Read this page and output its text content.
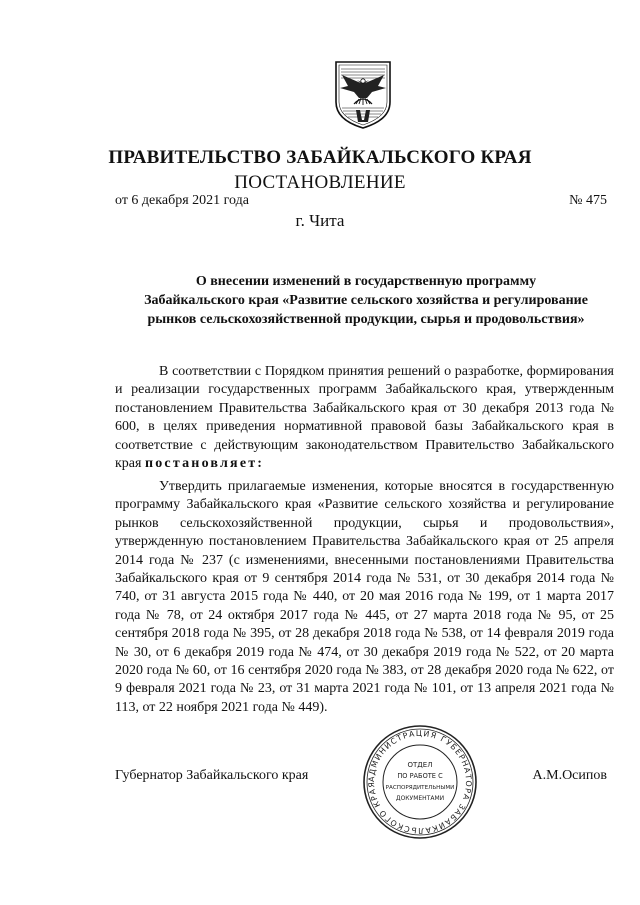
ПРАВИТЕЛЬСТВО ЗАБАЙКАЛЬСКОГО КРАЯ
ПОСТАНОВЛЕНИЕ
от 6 декабря 2021 года	№ 475
г. Чита
О внесении изменений в государственную программу
Забайкальского края «Развитие сельского хозяйства и регулирование
рынков сельскохозяйственной продукции, сырья и продовольствия»
В соответствии с Порядком принятия решений о разработке, формирования и реализации государственных программ Забайкальского края, утвержденным постановлением Правительства Забайкальского края от 30 декабря 2013 года № 600, в целях приведения нормативной правовой базы Забайкальского края в соответствие с действующим законодательством Правительство Забайкальского края постановляет:
Утвердить прилагаемые изменения, которые вносятся в государственную программу Забайкальского края «Развитие сельского хозяйства и регулирование рынков сельскохозяйственной продукции, сырья и продовольствия», утвержденную постановлением Правительства Забайкальского края от 25 апреля 2014 года № 237 (с изменениями, внесенными постановлениями Правительства Забайкальского края от 9 сентября 2014 года № 531, от 30 декабря 2014 года № 740, от 31 августа 2015 года № 440, от 20 мая 2016 года № 199, от 1 марта 2017 года № 78, от 24 октября 2017 года № 445, от 27 марта 2018 года № 95, от 25 сентября 2018 года № 395, от 28 декабря 2018 года № 538, от 14 февраля 2019 года № 30, от 6 декабря 2019 года № 474, от 30 декабря 2019 года № 522, от 20 марта 2020 года № 60, от 16 сентября 2020 года № 383, от 28 декабря 2020 года № 622, от 9 февраля 2021 года № 23, от 31 марта 2021 года № 101, от 13 апреля 2021 года № 113, от 22 ноября 2021 года № 449).
Губернатор Забайкальского края	А.М.Осипов
АДМИНИСТРАЦИЯ ГУБЕРНАТОРА ЗАБАЙКАЛЬСКОГО КРАЯ
ОТДЕЛ
ПО РАБОТЕ С
РАСПОРЯДИТЕЛЬНЫМИ
ДОКУМЕНТАМИ
